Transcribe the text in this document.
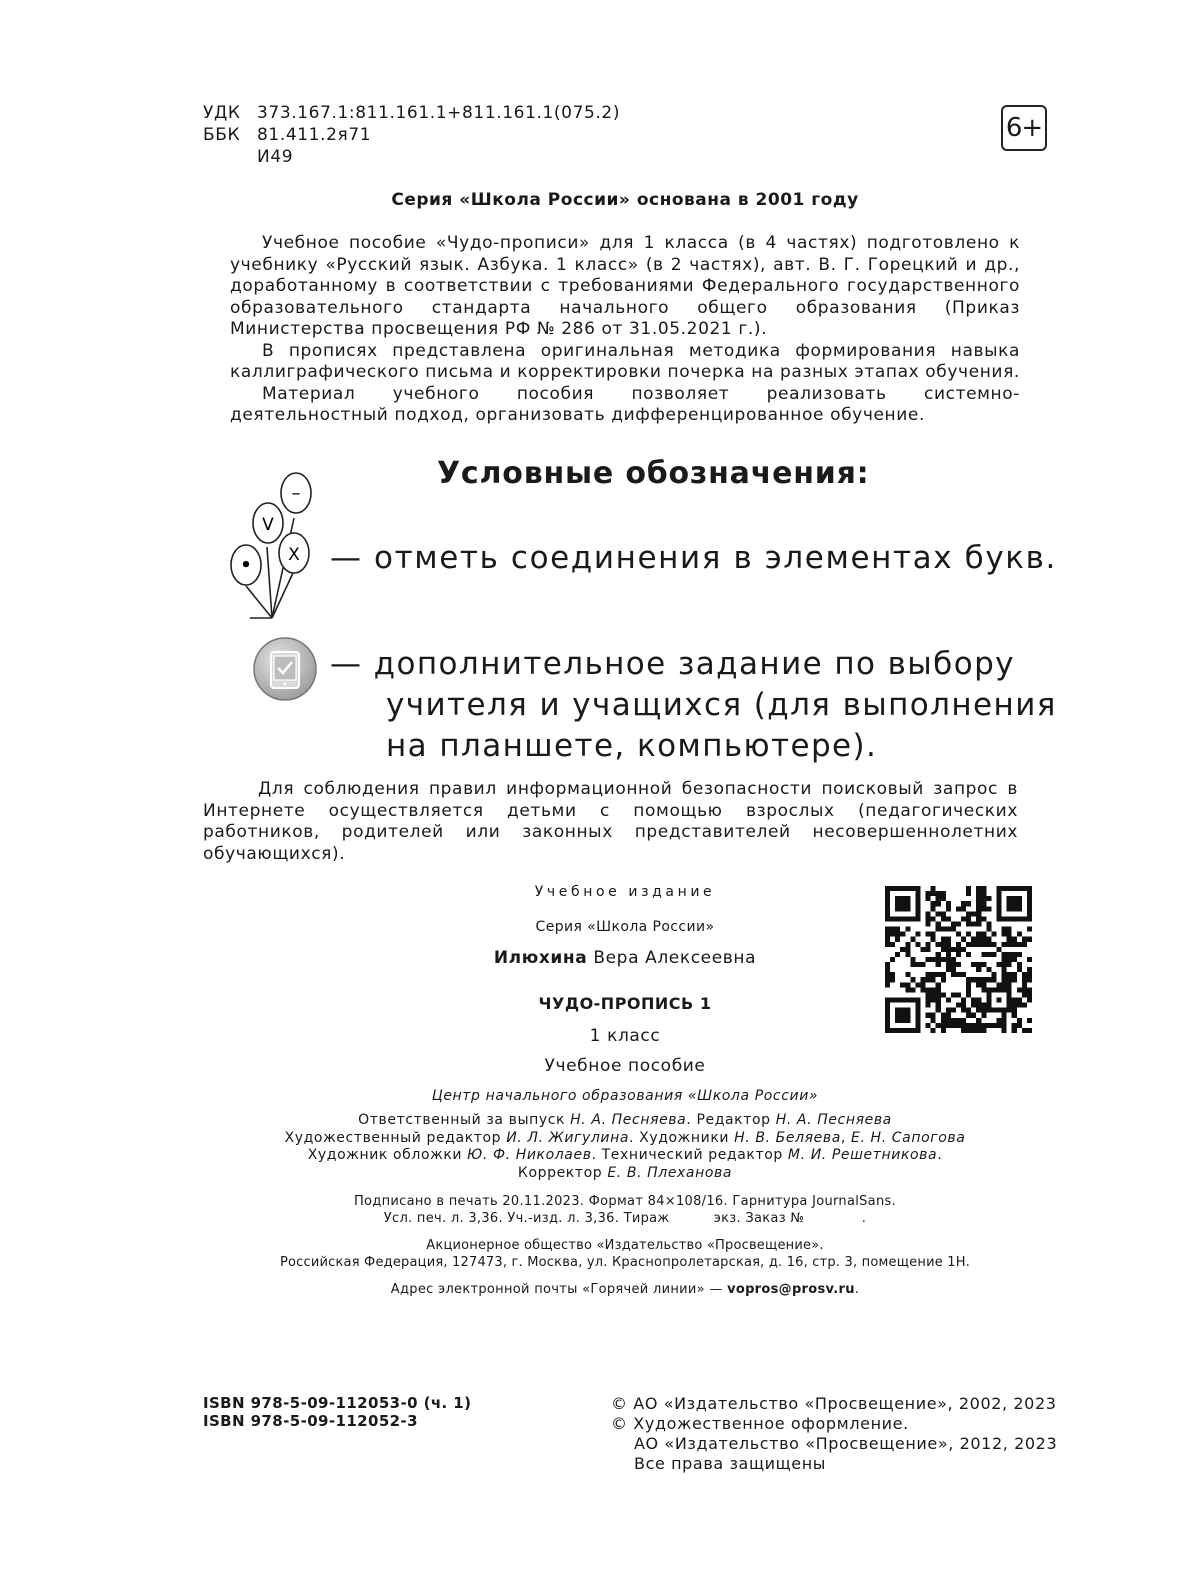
УДК 373.167.1:811.161.1+811.161.1(075.2)
ББК 81.411.2я71
И49
6+
Серия «Школа России» основана в 2001 году

Учебное пособие «Чудо-прописи» для 1 класса (в 4 частях) подготовлено к учебнику «Русский язык. Азбука. 1 класс» (в 2 частях), авт. В. Г. Горецкий и др., доработанному в соответствии с требованиями Федерального государственного образовательного стандарта начального общего образования (Приказ Министерства просвещения РФ № 286 от 31.05.2021 г.).

В прописях представлена оригинальная методика формирования навыка каллиграфического письма и корректировки почерка на разных этапах обучения.

Материал учебного пособия позволяет реализовать системно-деятельностный подход, организовать дифференцированное обучение.

Условные обозначения:
–
V
X
•	— отметь соединения в элементах букв.
— дополнительное задание по выбору
учителя и учащихся (для выполнения
на планшете, компьютере).
Для соблюдения правил информационной безопасности поисковый запрос в Интернете осуществляется детьми с помощью взрослых (педагогических работников, родителей или законных представителей несовершеннолетних обучающихся).
Учебное издание
Серия «Школа России»
Илюхина Вера Алексеевна
ЧУДО-ПРОПИСЬ 1
1 класс
Учебное пособие
Центр начального образования «Школа России»
Ответственный за выпуск Н. А. Песняева. Редактор Н. А. Песняева
Художественный редактор И. Л. Жигулина. Художники Н. В. Беляева, Е. Н. Сапогова
Художник обложки Ю. Ф. Николаев. Технический редактор М. И. Решетникова.
Корректор Е. В. Плеханова
Подписано в печать 20.11.2023. Формат 84×108/16. Гарнитура JournalSans.
Усл. печ. л. 3,36. Уч.-изд. л. 3,36. Тираж          экз. Заказ №             .
Акционерное общество «Издательство «Просвещение».
Российская Федерация, 127473, г. Москва, ул. Краснопролетарская, д. 16, стр. 3, помещение 1Н.
Адрес электронной почты «Горячей линии» — vopros@prosv.ru.
ISBN 978-5-09-112053-0 (ч. 1)
ISBN 978-5-09-112052-3
© АО «Издательство «Просвещение», 2002, 2023
© Художественное оформление.
АО «Издательство «Просвещение», 2012, 2023
Все права защищены
